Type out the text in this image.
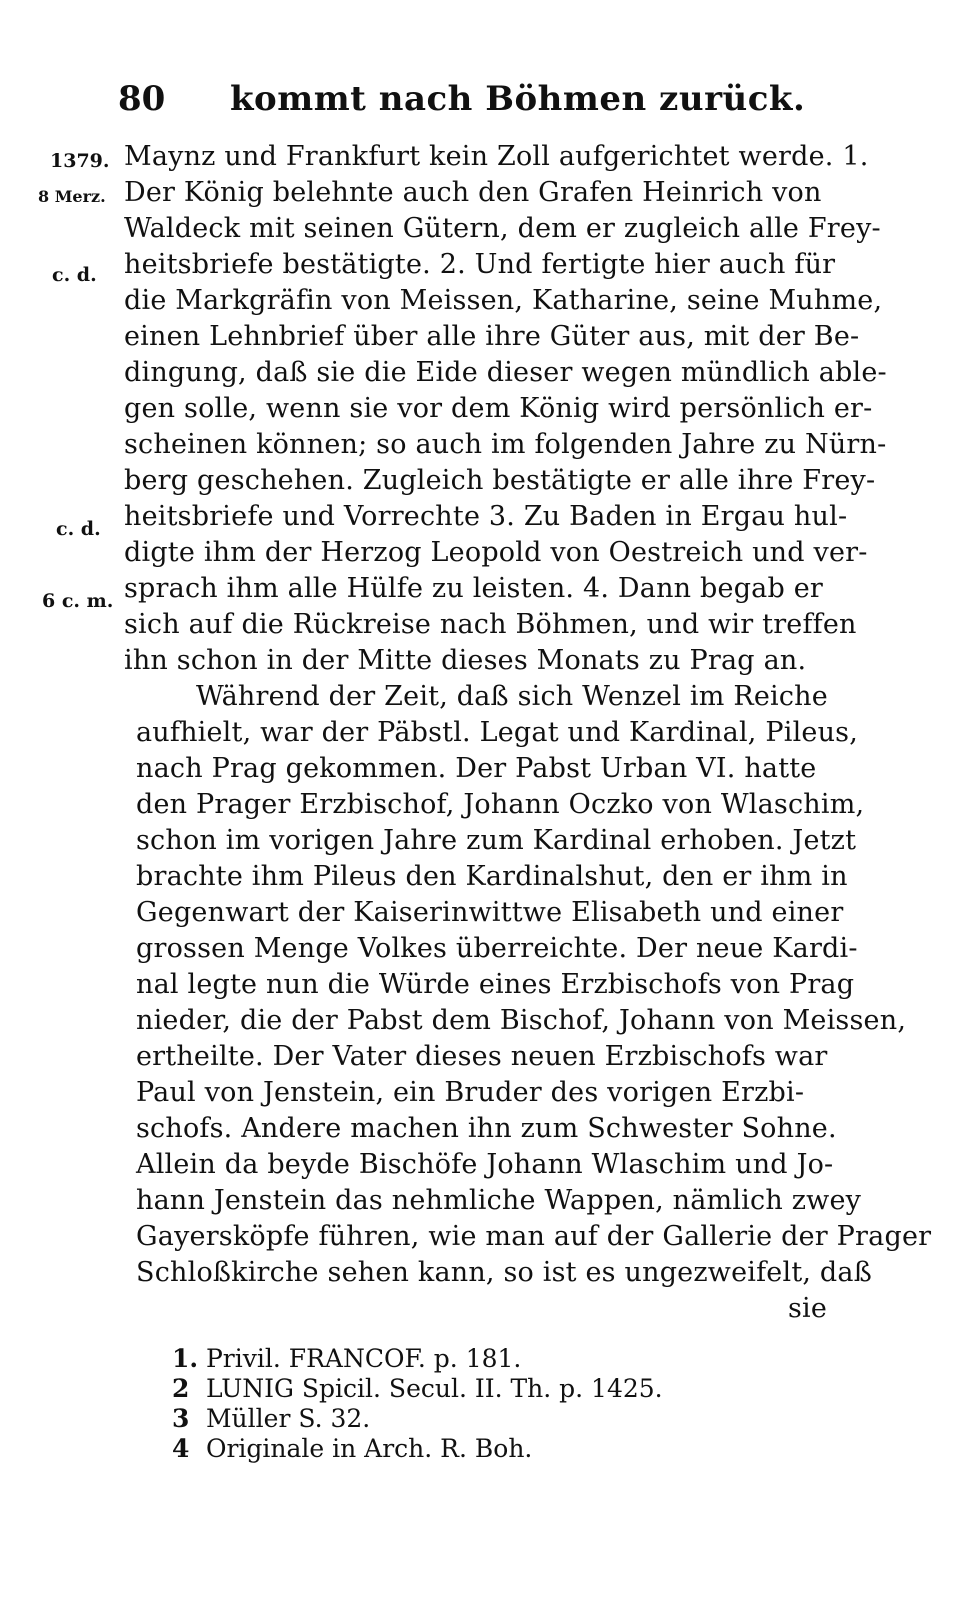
80 kommt nach Böhmen zurück.
1379.
8 Merz.
c. d.
c. d.
6 c. m.
Maynz und Frankfurt kein Zoll aufgerichtet werde. 1.
Der König belehnte auch den Grafen Heinrich von
Waldeck mit seinen Gütern, dem er zugleich alle Frey-
heitsbriefe bestätigte. 2. Und fertigte hier auch für
die Markgräfin von Meissen, Katharine, seine Muhme,
einen Lehnbrief über alle ihre Güter aus, mit der Be-
dingung, daß sie die Eide dieser wegen mündlich able-
gen solle, wenn sie vor dem König wird persönlich er-
scheinen können; so auch im folgenden Jahre zu Nürn-
berg geschehen. Zugleich bestätigte er alle ihre Frey-
heitsbriefe und Vorrechte 3. Zu Baden in Ergau hul-
digte ihm der Herzog Leopold von Oestreich und ver-
sprach ihm alle Hülfe zu leisten. 4. Dann begab er
sich auf die Rückreise nach Böhmen, und wir treffen
ihn schon in der Mitte dieses Monats zu Prag an.
Während der Zeit, daß sich Wenzel im Reiche
aufhielt, war der Päbstl. Legat und Kardinal, Pileus,
nach Prag gekommen. Der Pabst Urban VI. hatte
den Prager Erzbischof, Johann Oczko von Wlaschim,
schon im vorigen Jahre zum Kardinal erhoben. Jetzt
brachte ihm Pileus den Kardinalshut, den er ihm in
Gegenwart der Kaiserinwittwe Elisabeth und einer
grossen Menge Volkes überreichte. Der neue Kardi-
nal legte nun die Würde eines Erzbischofs von Prag
nieder, die der Pabst dem Bischof, Johann von Meissen,
ertheilte. Der Vater dieses neuen Erzbischofs war
Paul von Jenstein, ein Bruder des vorigen Erzbi-
schofs. Andere machen ihn zum Schwester Sohne.
Allein da beyde Bischöfe Johann Wlaschim und Jo-
hann Jenstein das nehmliche Wappen, nämlich zwey
Gayersköpfe führen, wie man auf der Gallerie der Prager
Schloßkirche sehen kann, so ist es ungezweifelt, daß
sie
1. Privil. FRANCOF. p. 181.
2 LUNIG Spicil. Secul. II. Th. p. 1425.
3 Müller S. 32.
4 Originale in Arch. R. Boh.
